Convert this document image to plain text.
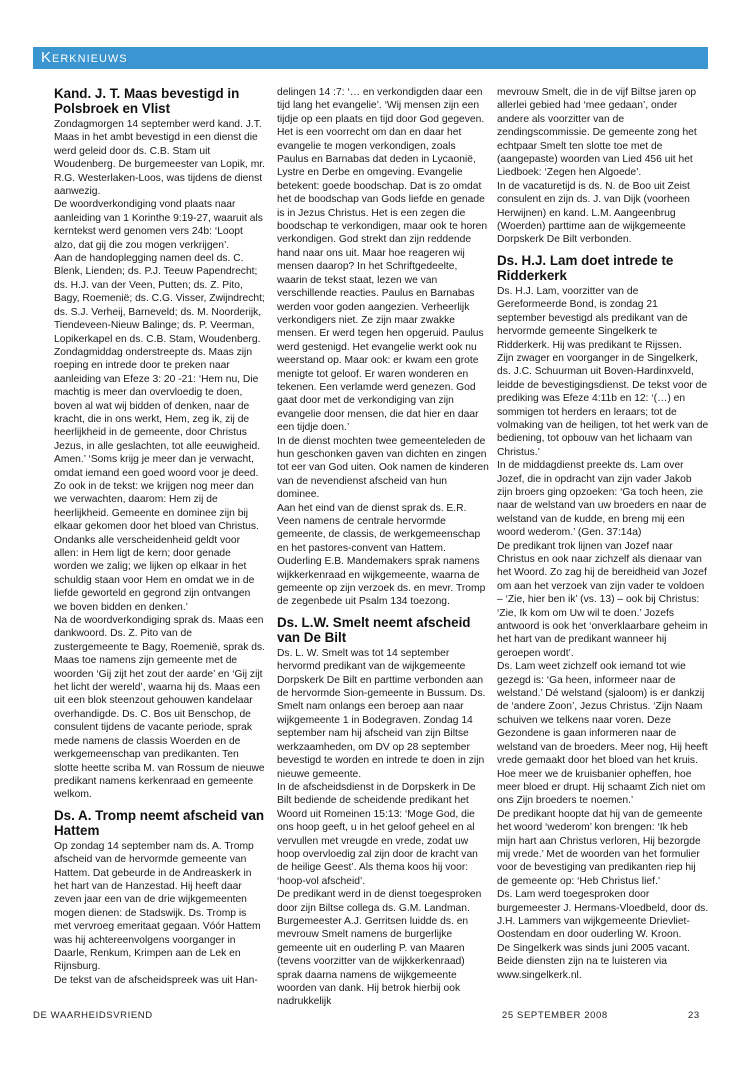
Kerknieuws
Kand. J. T. Maas bevestigd in Polsbroek en Vlist

Zondagmorgen 14 september werd kand. J.T. Maas in het ambt bevestigd in een dienst die werd geleid door ds. C.B. Stam uit Woudenberg. De burgemeester van Lopik, mr. R.G. Westerlaken-Loos, was tijdens de dienst aanwezig.

De woordverkondiging vond plaats naar aanleiding van 1 Korinthe 9:19-27, waaruit als kerntekst werd genomen vers 24b: ‘Loopt alzo, dat gij die zou mogen verkrijgen’.

Aan de handoplegging namen deel ds. C. Blenk, Lienden; ds. P.J. Teeuw Papendrecht; ds. H.J. van der Veen, Putten; ds. Z. Pito, Bagy, Roemenië; ds. C.G. Visser, Zwijndrecht; ds. S.J. Verheij, Barneveld; ds. M. Noorderijk, Tiendeveen-Nieuw Balinge; ds. P. Veerman, Lopikerkapel en ds. C.B. Stam, Woudenberg.

Zondagmiddag onderstreepte ds. Maas zijn roeping en intrede door te preken naar aanleiding van Efeze 3: 20 -21: ‘Hem nu, Die machtig is meer dan overvloedig te doen, boven al wat wij bidden of denken, naar de kracht, die in ons werkt, Hem, zeg ik, zij de heerlijkheid in de gemeente, door Christus Jezus, in alle geslachten, tot alle eeuwigheid. Amen.’ ‘Soms krijg je meer dan je verwacht, omdat iemand een goed woord voor je deed. Zo ook in de tekst: we krijgen nog meer dan we verwachten, daarom: Hem zij de heerlijkheid. Gemeente en dominee zijn bij elkaar gekomen door het bloed van Christus. Ondanks alle verscheidenheid geldt voor allen: in Hem ligt de kern; door genade worden we zalig; we lijken op elkaar in het schuldig staan voor Hem en omdat we in de liefde geworteld en gegrond zijn ontvangen we boven bidden en denken.’

Na de woordverkondiging sprak ds. Maas een dankwoord. Ds. Z. Pito van de zustergemeente te Bagy, Roemenië, sprak ds. Maas toe namens zijn gemeente met de woorden ‘Gij zijt het zout der aarde’ en ‘Gij zijt het licht der wereld’, waarna hij ds. Maas een uit een blok steenzout gehouwen kandelaar overhandigde. Ds. C. Bos uit Benschop, de consulent tijdens de vacante periode, sprak mede namens de classis Woerden en de werkgemeenschap van predikanten. Ten slotte heette scriba M. van Rossum de nieuwe predikant namens kerkenraad en gemeente welkom.

Ds. A. Tromp neemt afscheid van Hattem

Op zondag 14 september nam ds. A. Tromp afscheid van de hervormde gemeente van Hattem. Dat gebeurde in de Andreaskerk in het hart van de Hanzestad. Hij heeft daar zeven jaar een van de drie wijkgemeenten mogen dienen: de Stadswijk. Ds. Tromp is met vervroeg emeritaat gegaan. Vóór Hattem was hij achtereenvolgens voorganger in Daarle, Renkum, Krimpen aan de Lek en Rijnsburg.

De tekst van de afscheidspreek was uit Han-

delingen 14 :7: ‘… en verkondigden daar een tijd lang het evangelie’. ‘Wij mensen zijn een tijdje op een plaats en tijd door God gegeven. Het is een voorrecht om dan en daar het evangelie te mogen verkondigen, zoals Paulus en Barnabas dat deden in Lycaonië, Lystre en Derbe en omgeving. Evangelie betekent: goede boodschap. Dat is zo omdat het de boodschap van Gods liefde en genade is in Jezus Christus. Het is een zegen die boodschap te verkondigen, maar ook te horen verkondigen. God strekt dan zijn reddende hand naar ons uit. Maar hoe reageren wij mensen daarop? In het Schriftgedeelte, waarin de tekst staat, lezen we van verschillende reacties. Paulus en Barnabas werden voor goden aangezien. Verheerlijk verkondigers niet. Ze zijn maar zwakke mensen. Er werd tegen hen opgeruid. Paulus werd gestenigd. Het evangelie werkt ook nu weerstand op. Maar ook: er kwam een grote menigte tot geloof. Er waren wonderen en tekenen. Een verlamde werd genezen. God gaat door met de verkondiging van zijn evangelie door mensen, die dat hier en daar een tijdje doen.’

In de dienst mochten twee gemeenteleden de hun geschonken gaven van dichten en zingen tot eer van God uiten. Ook namen de kinderen van de nevendienst afscheid van hun dominee.

Aan het eind van de dienst sprak ds. E.R. Veen namens de centrale hervormde gemeente, de classis, de werkgemeenschap en het pastores-convent van Hattem. Ouderling E.B. Mandemakers sprak namens wijkkerkenraad en wijkgemeente, waarna de gemeente op zijn verzoek ds. en mevr. Tromp de zegenbede uit Psalm 134 toezong.

Ds. L.W. Smelt neemt afscheid van De Bilt

Ds. L. W. Smelt was tot 14 september hervormd predikant van de wijkgemeente Dorpskerk De Bilt en parttime verbonden aan de hervormde Sion-gemeente in Bussum. Ds. Smelt nam onlangs een beroep aan naar wijkgemeente 1 in Bodegraven. Zondag 14 september nam hij afscheid van zijn Biltse werkzaamheden, om DV op 28 september bevestigd te worden en intrede te doen in zijn nieuwe gemeente.

In de afscheidsdienst in de Dorpskerk in De Bilt bediende de scheidende predikant het Woord uit Romeinen 15:13: ‘Moge God, die ons hoop geeft, u in het geloof geheel en al vervullen met vreugde en vrede, zodat uw hoop overvloedig zal zijn door de kracht van de heilige Geest’. Als thema koos hij voor: ‘hoop-vol afscheid’.

De predikant werd in de dienst toegesproken door zijn Biltse collega ds. G.M. Landman. Burgemeester A.J. Gerritsen luidde ds. en mevrouw Smelt namens de burgerlijke gemeente uit en ouderling P. van Maaren (tevens voorzitter van de wijkkerkenraad) sprak daarna namens de wijkgemeente woorden van dank. Hij betrok hierbij ook nadrukkelijk

mevrouw Smelt, die in de vijf Biltse jaren op allerlei gebied had ‘mee gedaan’, onder andere als voorzitter van de zendingscommissie. De gemeente zong het echtpaar Smelt ten slotte toe met de (aangepaste) woorden van Lied 456 uit het Liedboek: ‘Zegen hen Algoede’.

In de vacaturetijd is ds. N. de Boo uit Zeist consulent en zijn ds. J. van Dijk (voorheen Herwijnen) en kand. L.M. Aangeenbrug (Woerden) parttime aan de wijkgemeente Dorpskerk De Bilt verbonden.

Ds. H.J. Lam doet intrede te Ridderkerk

Ds. H.J. Lam, voorzitter van de Gereformeerde Bond, is zondag 21 september bevestigd als predikant van de hervormde gemeente Singelkerk te Ridderkerk. Hij was predikant te Rijssen.

Zijn zwager en voorganger in de Singelkerk, ds. J.C. Schuurman uit Boven-Hardinxveld, leidde de bevestigingsdienst. De tekst voor de prediking was Efeze 4:11b en 12: ‘(…) en sommigen tot herders en leraars; tot de volmaking van de heiligen, tot het werk van de bediening, tot opbouw van het lichaam van Christus.’

In de middagdienst preekte ds. Lam over Jozef, die in opdracht van zijn vader Jakob zijn broers ging opzoeken: ‘Ga toch heen, zie naar de welstand van uw broeders en naar de welstand van de kudde, en breng mij een woord wederom.’ (Gen. 37:14a)

De predikant trok lijnen van Jozef naar Christus en ook naar zichzelf als dienaar van het Woord. Zo zag hij de bereidheid van Jozef om aan het verzoek van zijn vader te voldoen – ‘Zie, hier ben ik’ (vs. 13) – ook bij Christus: ‘Zie, Ik kom om Uw wil te doen.’ Jozefs antwoord is ook het ‘onverklaarbare geheim in het hart van de predikant wanneer hij geroepen wordt’.

Ds. Lam weet zichzelf ook iemand tot wie gezegd is: ‘Ga heen, informeer naar de welstand.’ Dé welstand (sjaloom) is er dankzij de ‘andere Zoon’, Jezus Christus. ‘Zijn Naam schuiven we telkens naar voren. Deze Gezondene is gaan informeren naar de welstand van de broeders. Meer nog, Hij heeft vrede gemaakt door het bloed van het kruis. Hoe meer we de kruisbanier opheffen, hoe meer bloed er drupt. Hij schaamt Zich niet om ons Zijn broeders te noemen.’

De predikant hoopte dat hij van de gemeente het woord ‘wederom’ kon brengen: ‘Ik heb mijn hart aan Christus verloren, Hij bezorgde mij vrede.’ Met de woorden van het formulier voor de bevestiging van predikanten riep hij de gemeente op: ‘Heb Christus lief.’

Ds. Lam werd toegesproken door burgemeester J. Hermans-Vloedbeld, door ds. J.H. Lammers van wijkgemeente Drievliet-Oostendam en door ouderling W. Kroon.

De Singelkerk was sinds juni 2005 vacant. Beide diensten zijn na te luisteren via www.singelkerk.nl.

DE WAARHEIDSVRIEND	25 SEPTEMBER 2008	23
